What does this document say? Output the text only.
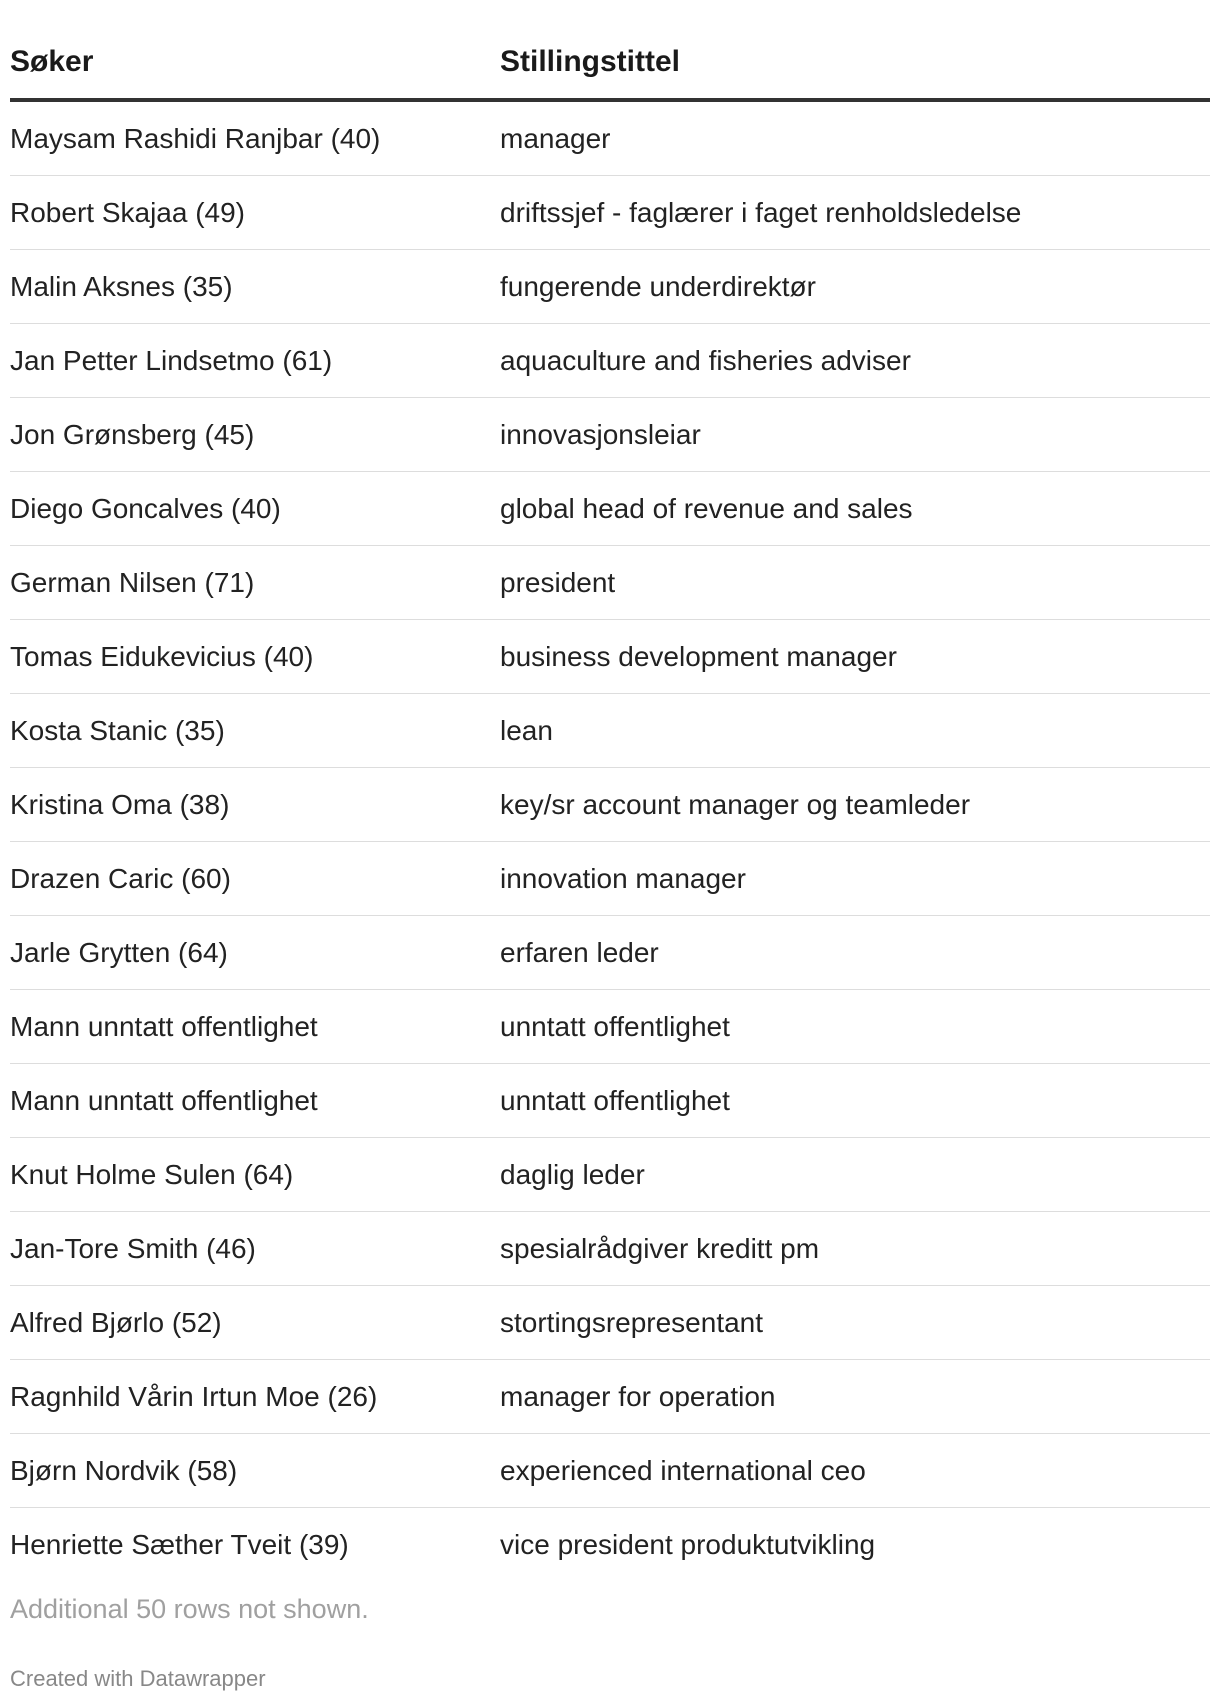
Søker	Stillingstittel
Maysam Rashidi Ranjbar (40)	manager
Robert Skajaa (49)	driftssjef - faglærer i faget renholdsledelse
Malin Aksnes (35)	fungerende underdirektør
Jan Petter Lindsetmo (61)	aquaculture and fisheries adviser
Jon Grønsberg (45)	innovasjonsleiar
Diego Goncalves (40)	global head of revenue and sales
German Nilsen (71)	president
Tomas Eidukevicius (40)	business development manager
Kosta Stanic (35)	lean
Kristina Oma (38)	key/sr account manager og teamleder
Drazen Caric (60)	innovation manager
Jarle Grytten (64)	erfaren leder
Mann unntatt offentlighet	unntatt offentlighet
Mann unntatt offentlighet	unntatt offentlighet
Knut Holme Sulen (64)	daglig leder
Jan-Tore Smith (46)	spesialrådgiver kreditt pm
Alfred Bjørlo (52)	stortingsrepresentant
Ragnhild Vårin Irtun Moe (26)	manager for operation
Bjørn Nordvik (58)	experienced international ceo
Henriette Sæther Tveit (39)	vice president produktutvikling
Additional 50 rows not shown.
Created with Datawrapper
